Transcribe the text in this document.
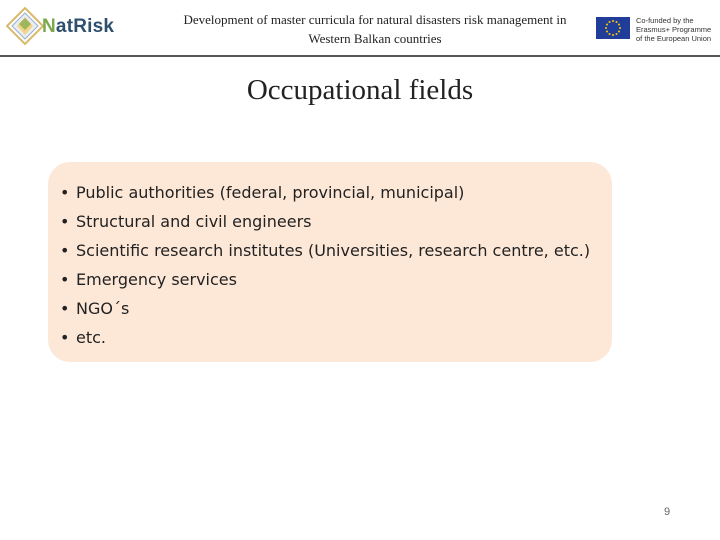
NatRisk	Development of master curricula for natural disasters risk management in
Western Balkan countries
Co-funded by the
Erasmus+ Programme
of the European Union
Occupational fields
• Public authorities (federal, provincial, municipal)
• Structural and civil engineers
• Scientific research institutes (Universities, research centre, etc.)
• Emergency services
• NGO´s
• etc.
9
